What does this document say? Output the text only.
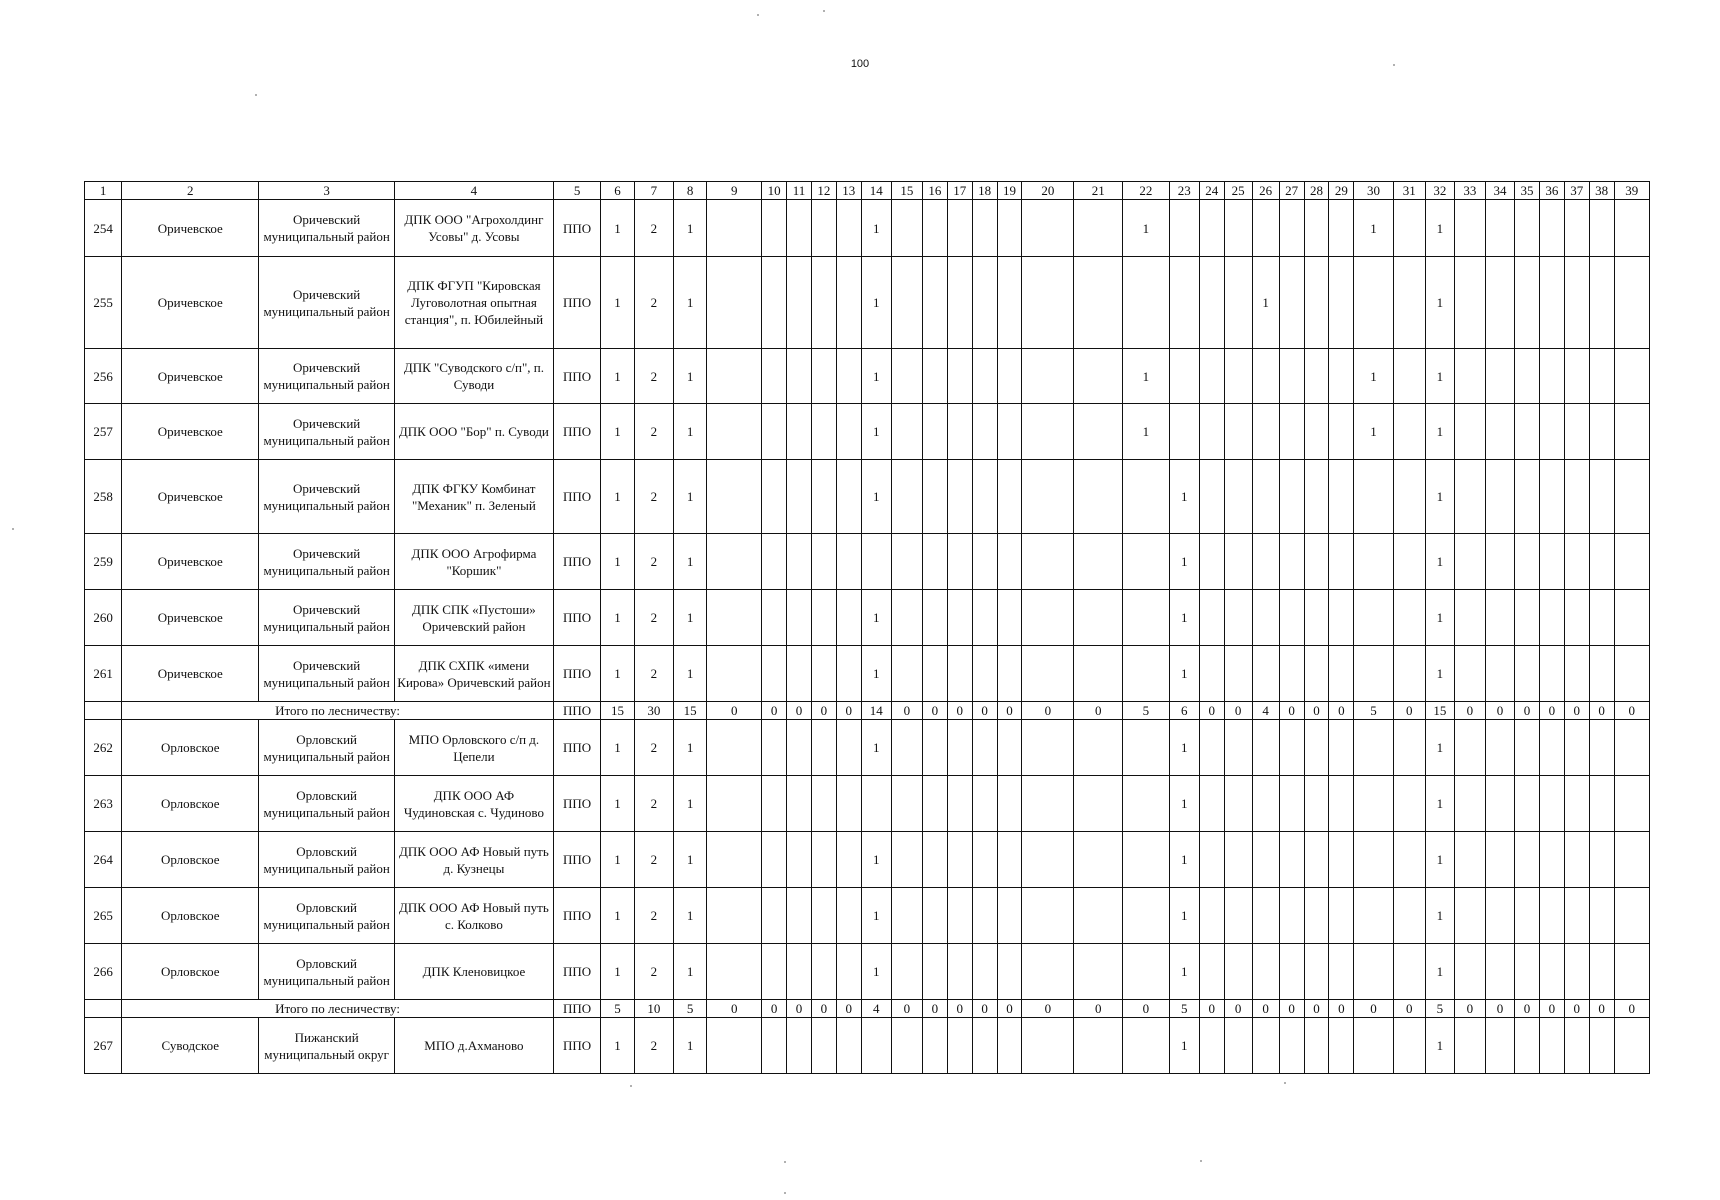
100
1	2	3	4	5	6	7	8	9	10	11	12	13	14	15	16	17	18	19	20	21	22	23	24	25	26	27	28	29	30	31	32	33	34	35	36	37	38	39
254	Оричевское	Оричевский муниципальный район	ДПК ООО "Агрохолдинг Усовы" д. Усовы	ППО	1	2	1						1								1								1		1							
255	Оричевское	Оричевский муниципальный район	ДПК ФГУП "Кировская Луговолотная опытная станция", п. Юбилейный	ППО	1	2	1						1												1						1							
256	Оричевское	Оричевский муниципальный район	ДПК "Суводского с/п", п. Суводи	ППО	1	2	1						1								1								1		1							
257	Оричевское	Оричевский муниципальный район	ДПК ООО "Бор" п. Суводи	ППО	1	2	1						1								1								1		1							
258	Оричевское	Оричевский муниципальный район	ДПК ФГКУ Комбинат "Механик" п. Зеленый	ППО	1	2	1						1									1									1							
259	Оричевское	Оричевский муниципальный район	ДПК ООО Агрофирма "Коршик"	ППО	1	2	1															1									1							
260	Оричевское	Оричевский муниципальный район	ДПК СПК «Пустоши» Оричевский район	ППО	1	2	1						1									1									1							
261	Оричевское	Оричевский муниципальный район	ДПК СХПК «имени Кирова» Оричевский район	ППО	1	2	1						1									1									1							
	Итого по лесничеству:			ППО	15	30	15	0	0	0	0	0	14	0	0	0	0	0	0	0	5	6	0	0	4	0	0	0	5	0	15	0	0	0	0	0	0	0
262	Орловское	Орловский муниципальный район	МПО Орловского с/п д. Цепели	ППО	1	2	1						1									1									1							
263	Орловское	Орловский муниципальный район	ДПК ООО АФ Чудиновская с. Чудиново	ППО	1	2	1															1									1							
264	Орловское	Орловский муниципальный район	ДПК ООО АФ Новый путь д. Кузнецы	ППО	1	2	1						1									1									1							
265	Орловское	Орловский муниципальный район	ДПК ООО АФ Новый путь с. Колково	ППО	1	2	1						1									1									1							
266	Орловское	Орловский муниципальный район	ДПК Кленовицкое	ППО	1	2	1						1									1									1							
	Итого по лесничеству:			ППО	5	10	5	0	0	0	0	0	4	0	0	0	0	0	0	0	0	5	0	0	0	0	0	0	0	0	5	0	0	0	0	0	0	0
267	Суводское	Пижанский муниципальный округ	МПО д.Ахманово	ППО	1	2	1															1									1							
